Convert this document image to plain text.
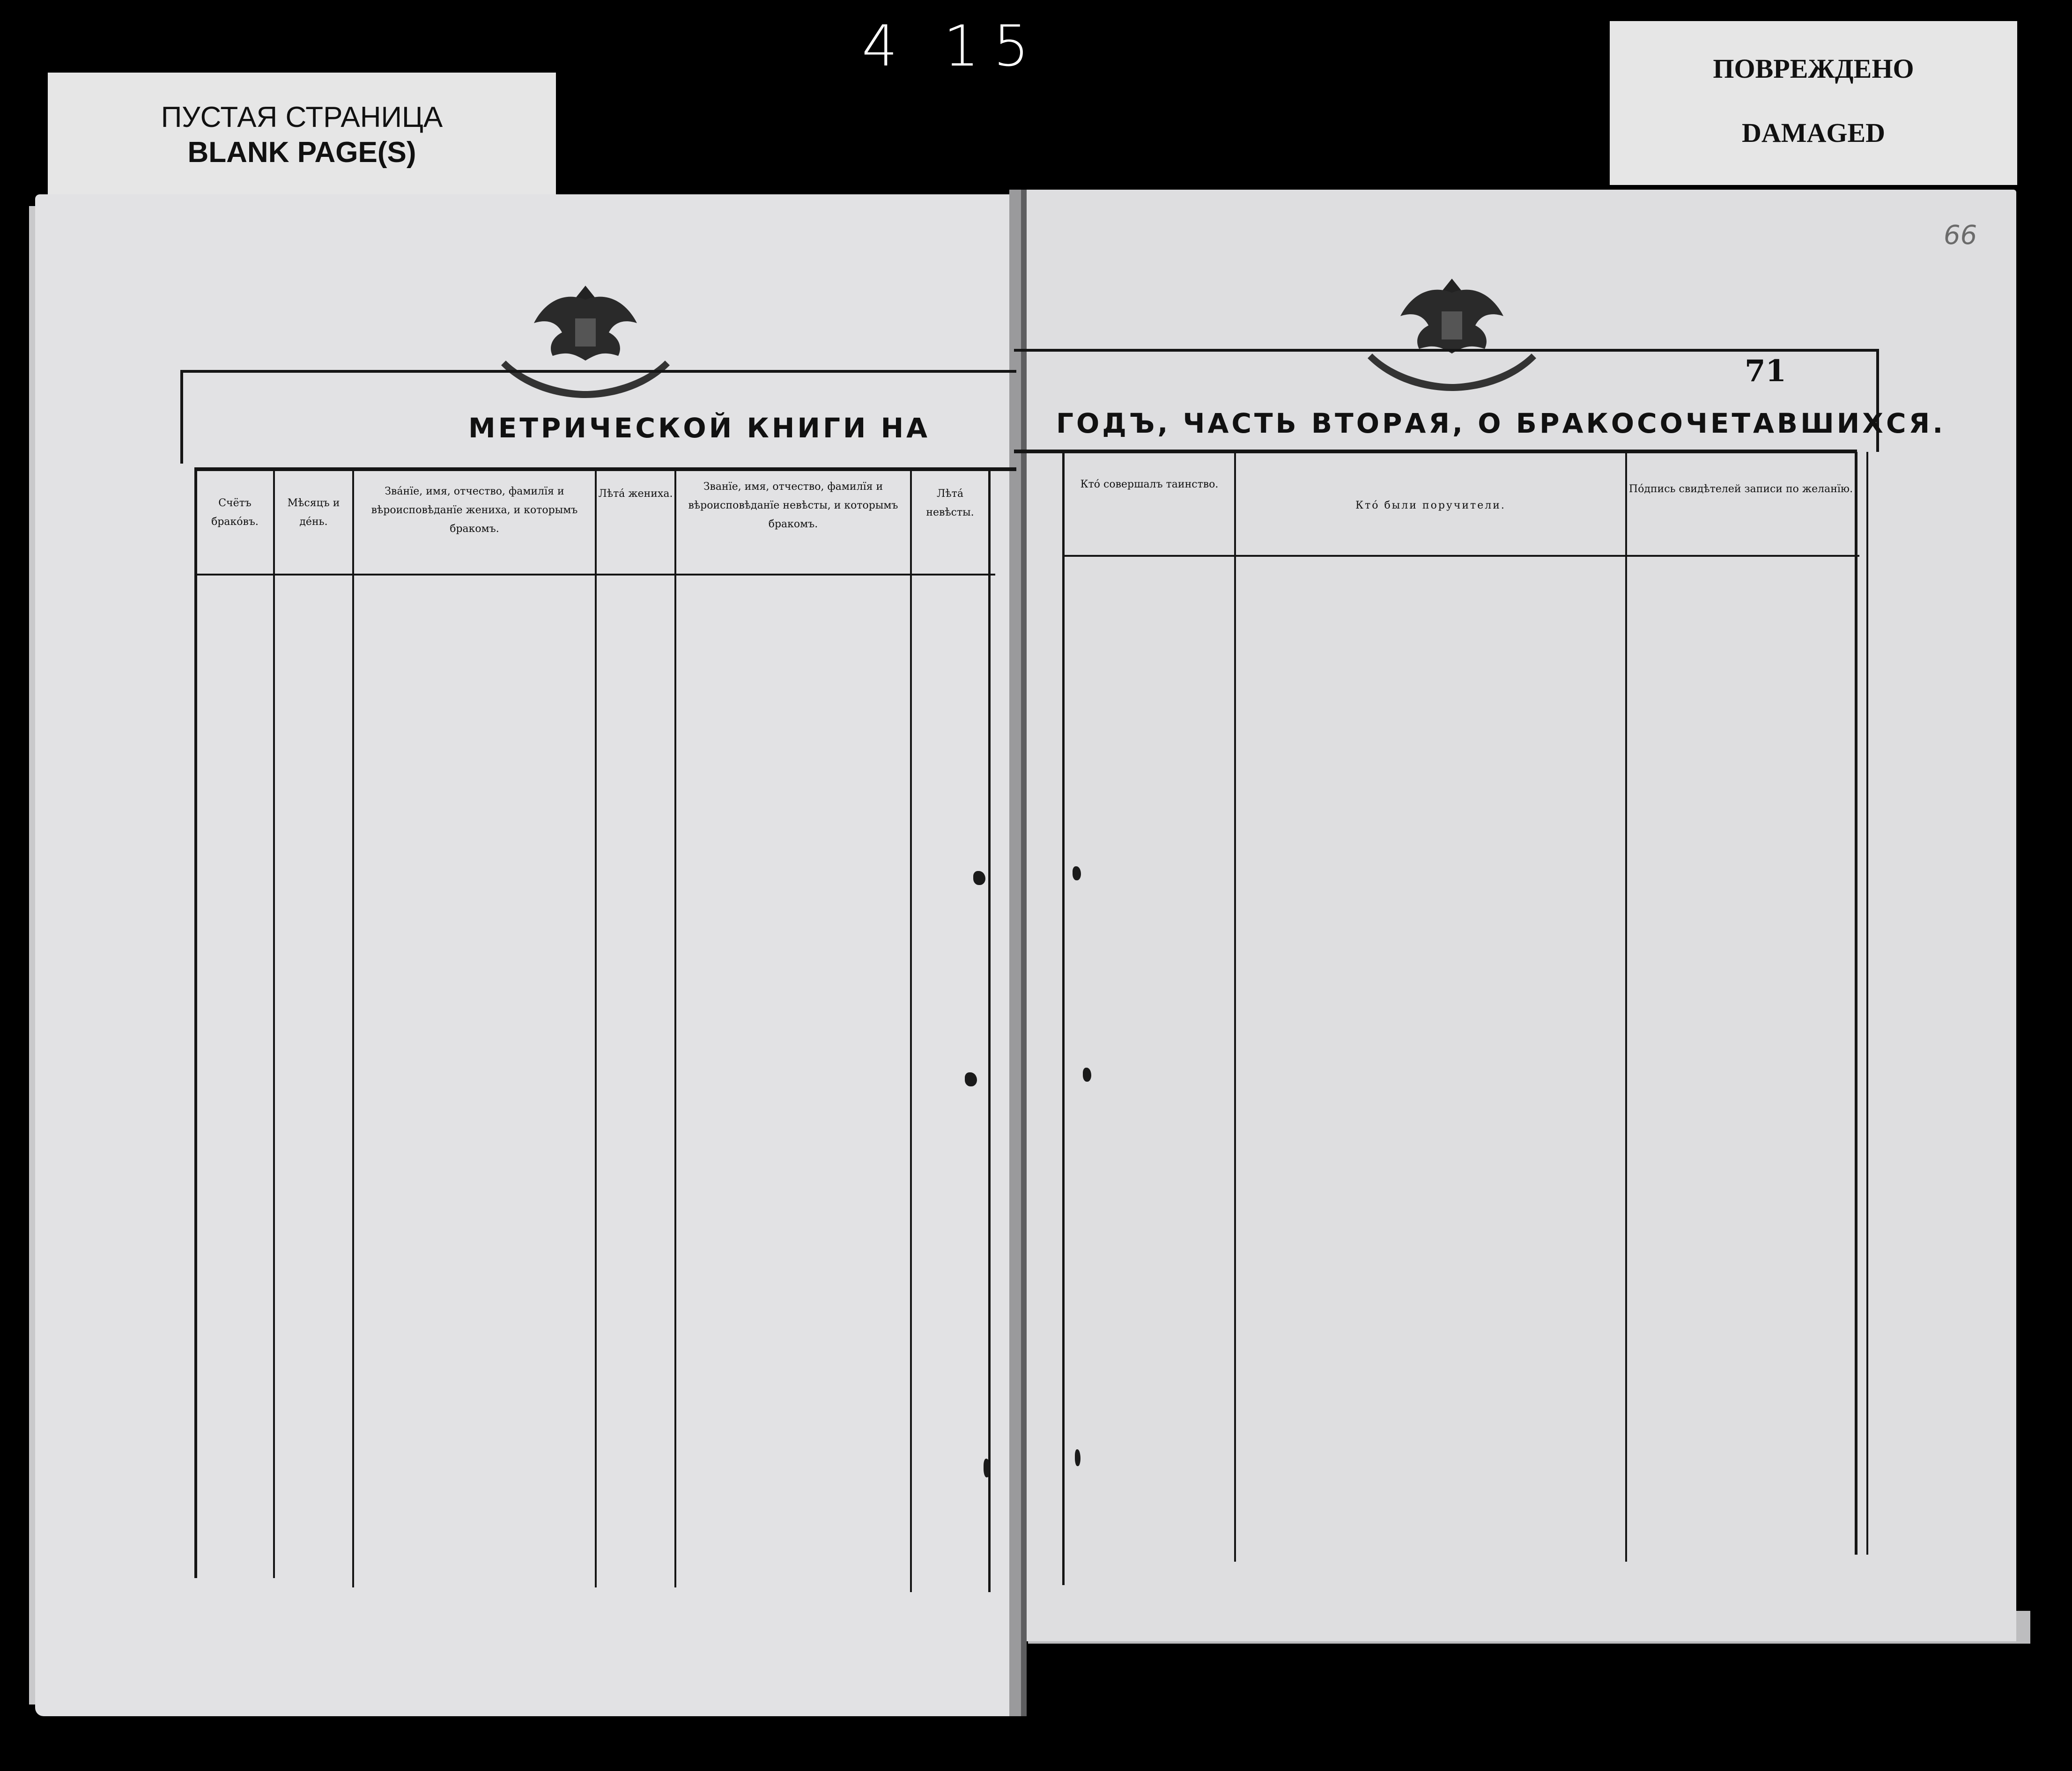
4 15
ПУСТАЯ СТРАНИЦА
BLANK PAGE(S)
ПОВРЕЖДЕНО
DAMAGED
66
МЕТРИЧЕСКОЙ КНИГИ НА
Счётъ бракóвъ.
Мѣсяцъ и дéнь.
Звáнïе, имя, отчество, фамилïя и вѣроисповѣданïе жениха, и которымъ бракомъ.
Лѣтá жениха.
Званïе, имя, отчество, фамилïя и вѣроисповѣданïе невѣсты, и которымъ бракомъ.
Лѣтá невѣсты.
ГОДЪ, ЧАСТЬ ВТОРАЯ, О БРАКОСОЧЕТАВШИХСЯ.
71
Ктó совершалъ таинство.
Ктó были поручители.
Пóдпись свидѣтелей записи по желанïю.
